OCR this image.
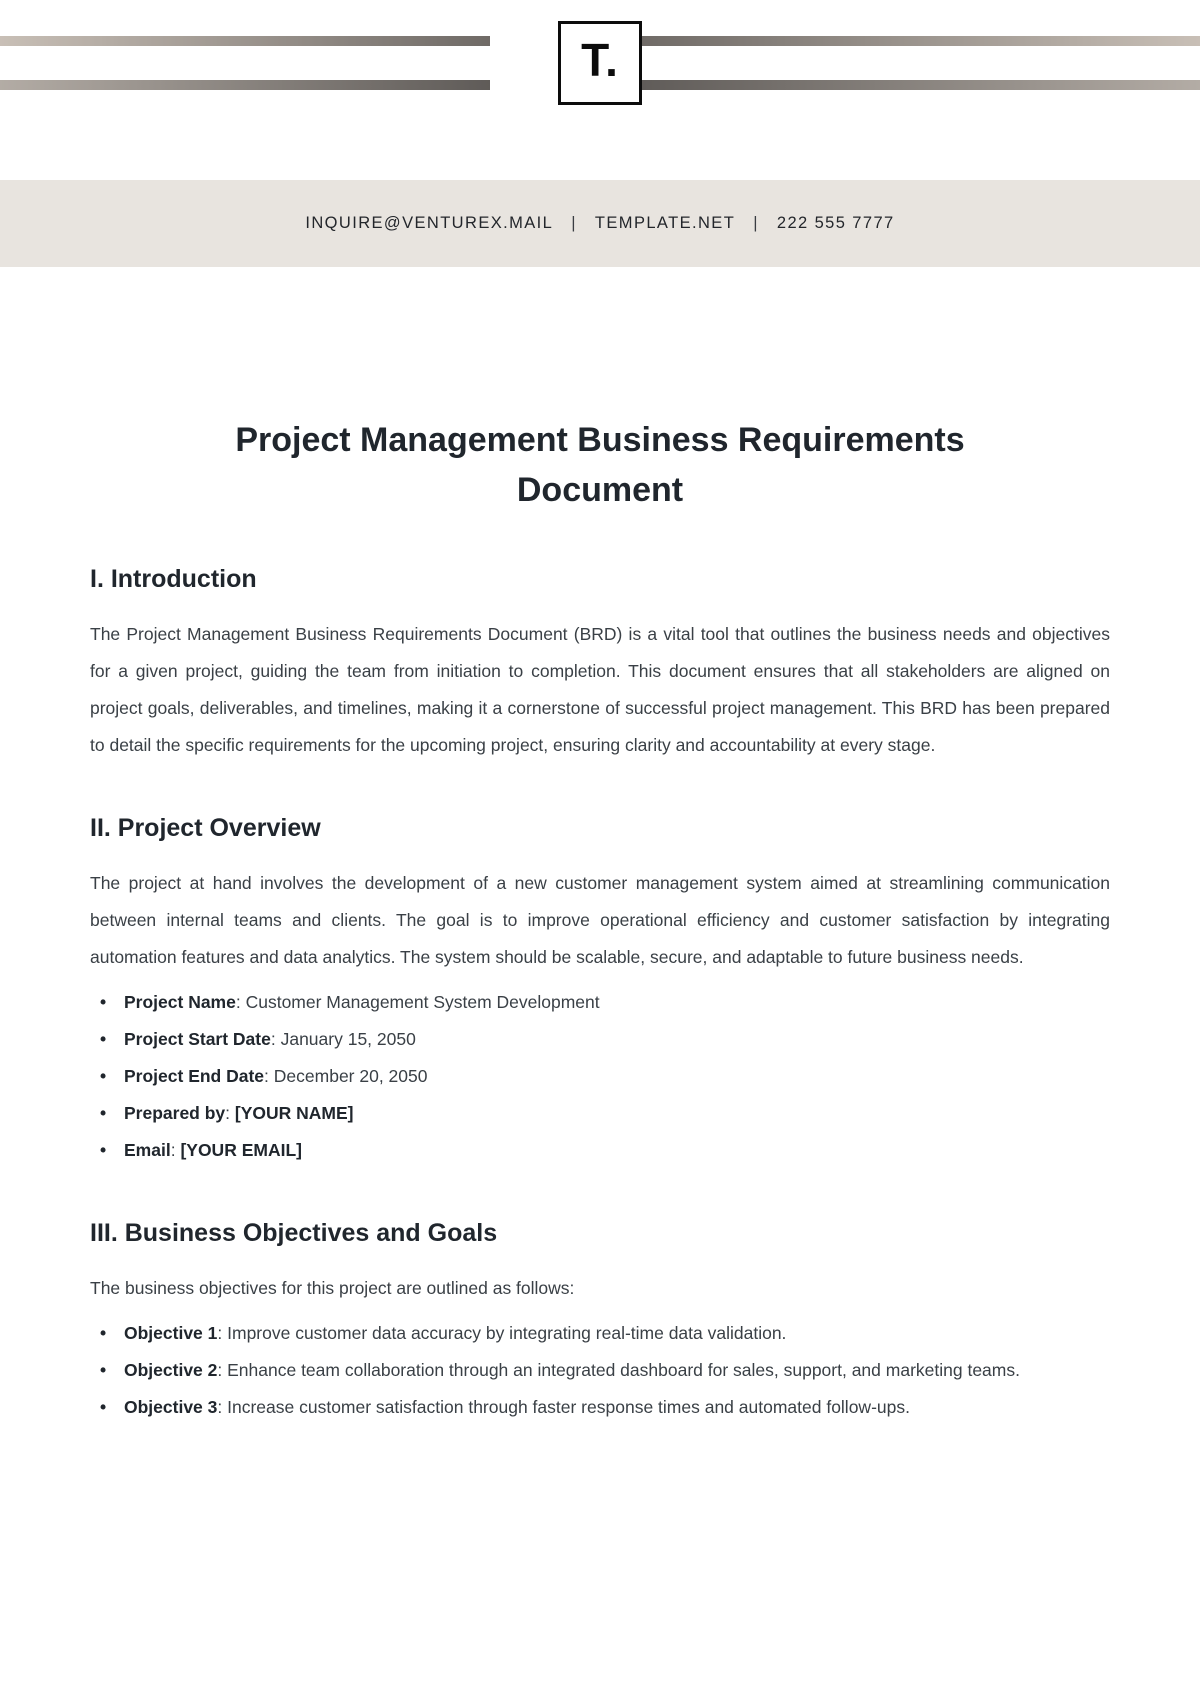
T.
INQUIRE@VENTUREX.MAIL | TEMPLATE.NET | 222 555 7777
Project Management Business Requirements Document
I. Introduction

The Project Management Business Requirements Document (BRD) is a vital tool that outlines the business needs and objectives for a given project, guiding the team from initiation to completion. This document ensures that all stakeholders are aligned on project goals, deliverables, and timelines, making it a cornerstone of successful project management. This BRD has been prepared to detail the specific requirements for the upcoming project, ensuring clarity and accountability at every stage.

II. Project Overview

The project at hand involves the development of a new customer management system aimed at streamlining communication between internal teams and clients. The goal is to improve operational efficiency and customer satisfaction by integrating automation features and data analytics. The system should be scalable, secure, and adaptable to future business needs.

• Project Name: Customer Management System Development
• Project Start Date: January 15, 2050
• Project End Date: December 20, 2050
• Prepared by: [YOUR NAME]
• Email: [YOUR EMAIL]
III. Business Objectives and Goals

The business objectives for this project are outlined as follows:

• Objective 1: Improve customer data accuracy by integrating real-time data validation.
• Objective 2: Enhance team collaboration through an integrated dashboard for sales, support, and marketing teams.
• Objective 3: Increase customer satisfaction through faster response times and automated follow-ups.
